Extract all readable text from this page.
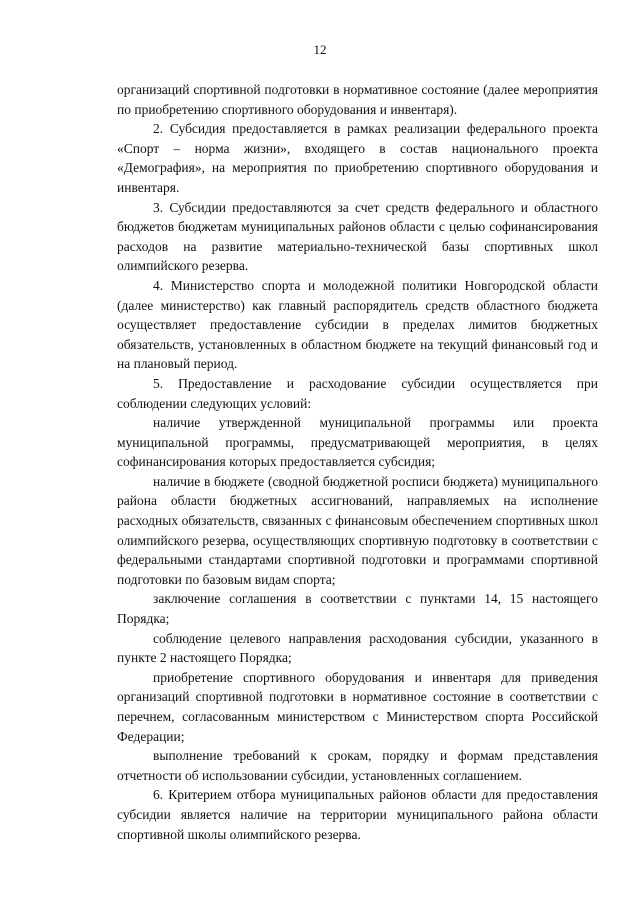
12

организаций спортивной подготовки в нормативное состояние (далее мероприятия по приобретению спортивного оборудования и инвентаря).

2. Субсидия предоставляется в рамках реализации федерального проекта «Спорт – норма жизни», входящего в состав национального проекта «Демография», на мероприятия по приобретению спортивного оборудования и инвентаря.

3. Субсидии предоставляются за счет средств федерального и областного бюджетов бюджетам муниципальных районов области с целью софинансирования расходов на развитие материально-технической базы спортивных школ олимпийского резерва.

4. Министерство спорта и молодежной политики Новгородской области (далее министерство) как главный распорядитель средств областного бюджета осуществляет предоставление субсидии в пределах лимитов бюджетных обязательств, установленных в областном бюджете на текущий финансовый год и на плановый период.

5. Предоставление и расходование субсидии осуществляется при соблюдении следующих условий:

наличие утвержденной муниципальной программы или проекта муниципальной программы, предусматривающей мероприятия, в целях софинансирования которых предоставляется субсидия;

наличие в бюджете (сводной бюджетной росписи бюджета) муниципального района области бюджетных ассигнований, направляемых на исполнение расходных обязательств, связанных с финансовым обеспечением спортивных школ олимпийского резерва, осуществляющих спортивную подготовку в соответствии с федеральными стандартами спортивной подготовки и программами спортивной подготовки по базовым видам спорта;

заключение соглашения в соответствии с пунктами 14, 15 настоящего Порядка;

соблюдение целевого направления расходования субсидии, указанного в пункте 2 настоящего Порядка;

приобретение спортивного оборудования и инвентаря для приведения организаций спортивной подготовки в нормативное состояние в соответствии с перечнем, согласованным министерством с Министерством спорта Российской Федерации;

выполнение требований к срокам, порядку и формам представления отчетности об использовании субсидии, установленных соглашением.

6. Критерием отбора муниципальных районов области для предоставления субсидии является наличие на территории муниципального района области спортивной школы олимпийского резерва.
